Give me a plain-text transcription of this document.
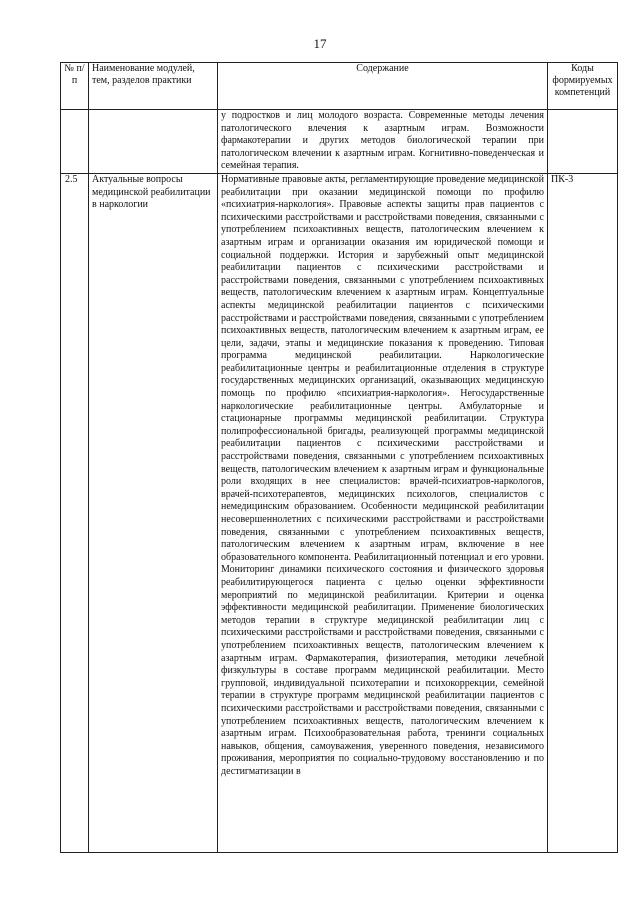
17
№ п/п	Наименование модулей, тем, разделов практики	Содержание	Коды формируемых компетенций
		у подростков и лиц молодого возраста. Современные методы лечения патологического влечения к азартным играм. Возможности фармакотерапии и других методов биологической терапии при патологическом влечении к азартным играм. Когнитивно-поведенческая и семейная терапия.	
2.5	Актуальные вопросы медицинской реабилитации в наркологии	Нормативные правовые акты, регламентирующие проведение медицинской реабилитации при оказании медицинской помощи по профилю «психиатрия-наркология». Правовые аспекты защиты прав пациентов с психическими расстройствами и расстройствами поведения, связанными с употреблением психоактивных веществ, патологическим влечением к азартным играм и организации оказания им юридической помощи и социальной поддержки. История и зарубежный опыт медицинской реабилитации пациентов с психическими расстройствами и расстройствами поведения, связанными с употреблением психоактивных веществ, патологическим влечением к азартным играм. Концептуальные аспекты медицинской реабилитации пациентов с психическими расстройствами и расстройствами поведения, связанными с употреблением психоактивных веществ, патологическим влечением к азартным играм, ее цели, задачи, этапы и медицинские показания к проведению. Типовая программа медицинской реабилитации. Наркологические реабилитационные центры и реабилитационные отделения в структуре государственных медицинских организаций, оказывающих медицинскую помощь по профилю «психиатрия-наркология». Негосударственные наркологические реабилитационные центры. Амбулаторные и стационарные программы медицинской реабилитации. Структура полипрофессиональной бригады, реализующей программы медицинской реабилитации пациентов с психическими расстройствами и расстройствами поведения, связанными с употреблением психоактивных веществ, патологическим влечением к азартным играм и функциональные роли входящих в нее специалистов: врачей-психиатров-наркологов, врачей-психотерапевтов, медицинских психологов, специалистов с немедицинским образованием. Особенности медицинской реабилитации несовершеннолетних с психическими расстройствами и расстройствами поведения, связанными с употреблением психоактивных веществ, патологическим влечением к азартным играм, включение в нее образовательного компонента. Реабилитационный потенциал и его уровни. Мониторинг динамики психического состояния и физического здоровья реабилитирующегося пациента с целью оценки эффективности мероприятий по медицинской реабилитации. Критерии и оценка эффективности медицинской реабилитации. Применение биологических методов терапии в структуре медицинской реабилитации лиц с психическими расстройствами и расстройствами поведения, связанными с употреблением психоактивных веществ, патологическим влечением к азартным играм. Фармакотерапия, физиотерапия, методики лечебной физкультуры в составе программ медицинской реабилитации. Место групповой, индивидуальной психотерапии и психокоррекции, семейной терапии в структуре программ медицинской реабилитации пациентов с психическими расстройствами и расстройствами поведения, связанными с употреблением психоактивных веществ, патологическим влечением к азартным играм. Психообразовательная работа, тренинги социальных навыков, общения, самоуважения, уверенного поведения, независимого проживания, мероприятия по социально-трудовому восстановлению и по дестигматизации в	ПК-3
